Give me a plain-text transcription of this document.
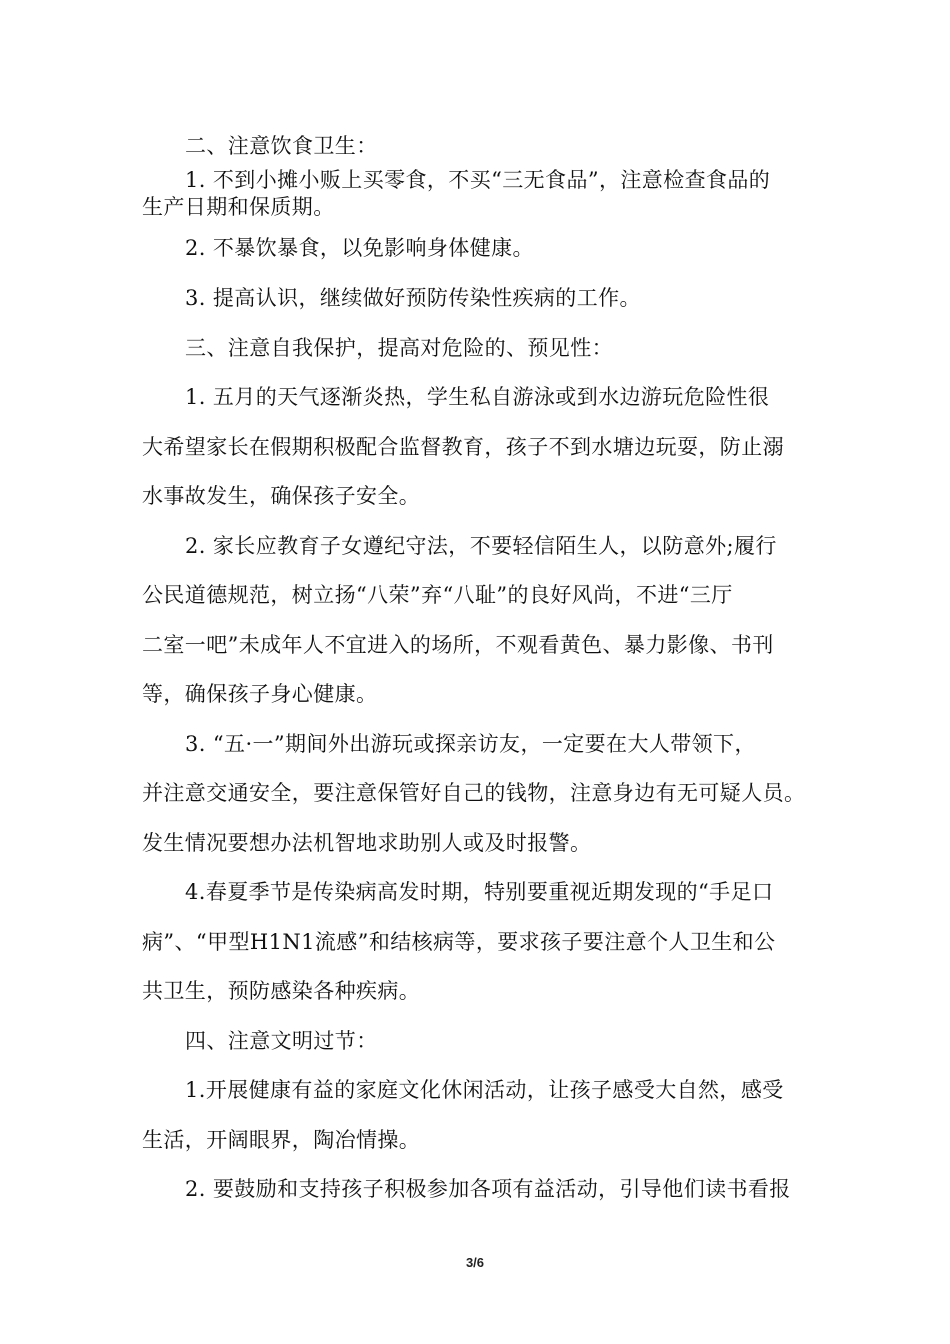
二、注意饮食卫生：
1. 不到小摊小贩上买零食，不买“三无食品”，注意检查食品的
生产日期和保质期。
2. 不暴饮暴食，以免影响身体健康。
3. 提高认识，继续做好预防传染性疾病的工作。
三、注意自我保护，提高对危险的、预见性：
1. 五月的天气逐渐炎热，学生私自游泳或到水边游玩危险性很
大希望家长在假期积极配合监督教育，孩子不到水塘边玩耍，防止溺
水事故发生，确保孩子安全。
2. 家长应教育子女遵纪守法，不要轻信陌生人，以防意外;履行
公民道德规范，树立扬“八荣”弃“八耻”的良好风尚，不进“三厅
二室一吧”未成年人不宜进入的场所，不观看黄色、暴力影像、书刊
等，确保孩子身心健康。
3. “五·一”期间外出游玩或探亲访友，一定要在大人带领下，
并注意交通安全，要注意保管好自己的钱物，注意身边有无可疑人员。
发生情况要想办法机智地求助别人或及时报警。
4.春夏季节是传染病高发时期，特别要重视近期发现的“手足口
病”、“甲型H1N1流感”和结核病等，要求孩子要注意个人卫生和公
共卫生，预防感染各种疾病。
四、注意文明过节：
1.开展健康有益的家庭文化休闲活动，让孩子感受大自然，感受
生活，开阔眼界，陶冶情操。
2. 要鼓励和支持孩子积极参加各项有益活动，引导他们读书看报
3/6
